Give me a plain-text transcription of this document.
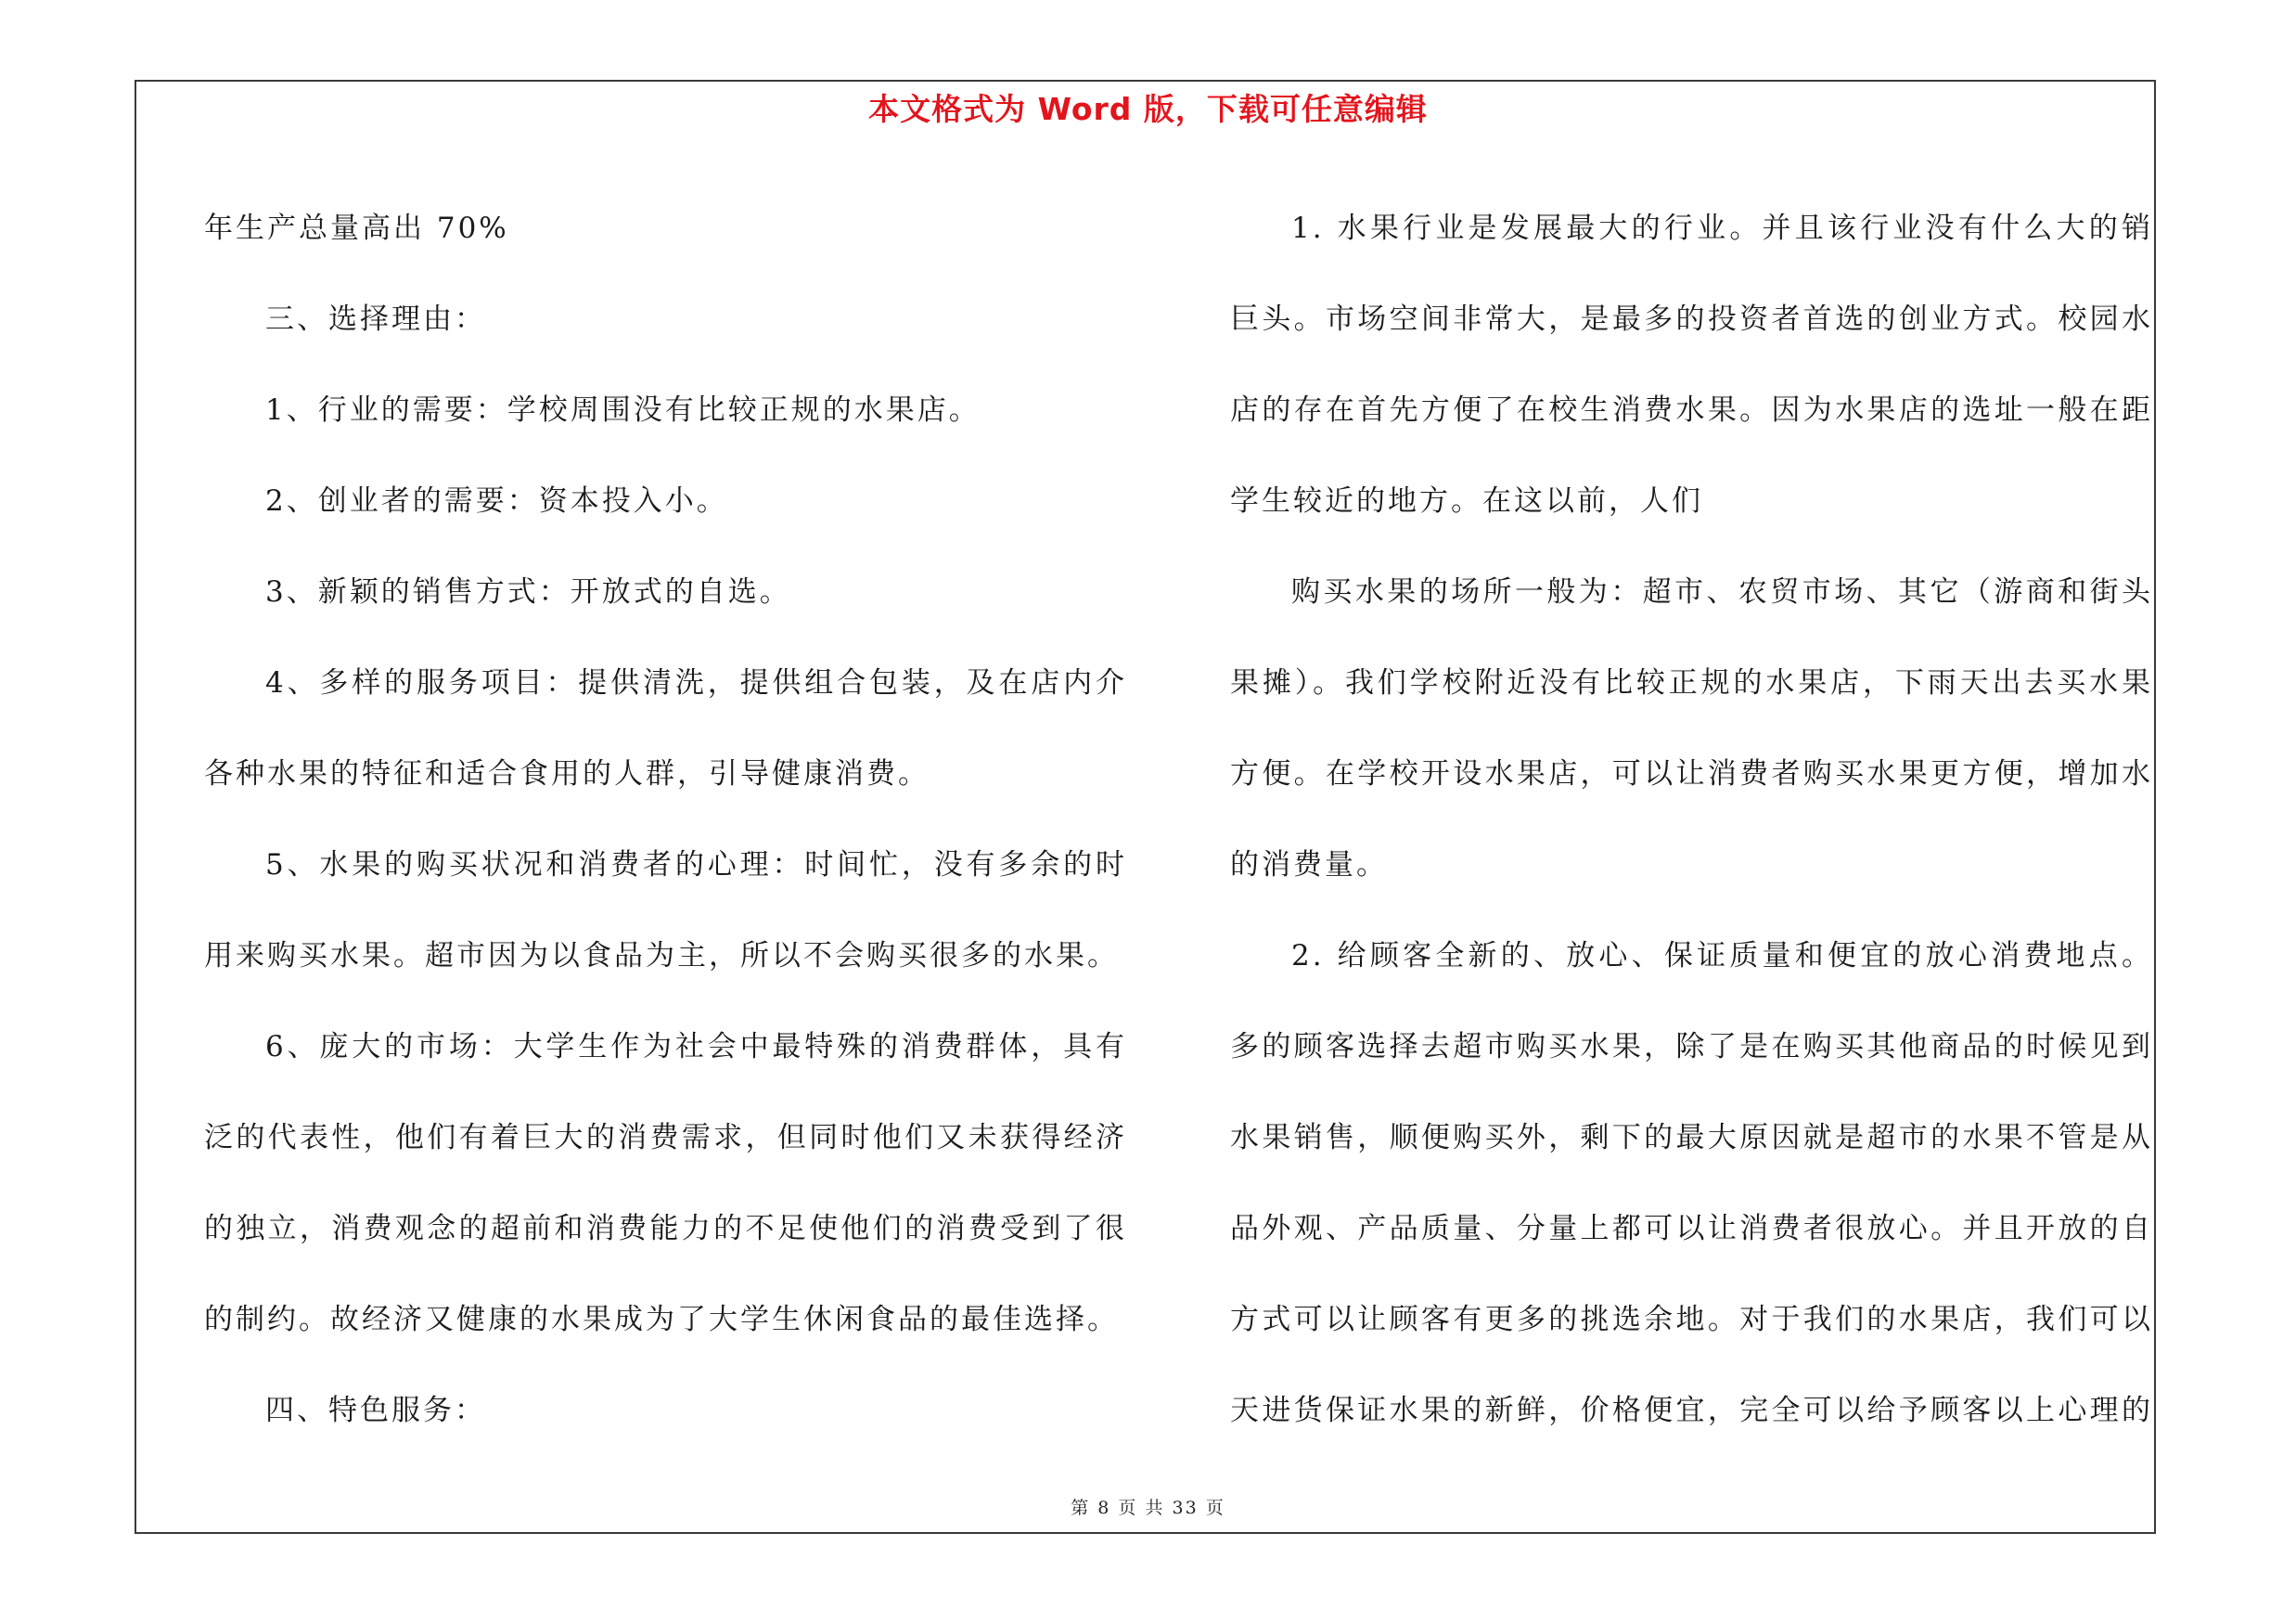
本文格式为 Word 版，下载可任意编辑
年生产总量高出 70%
三、选择理由：
1、行业的需要：学校周围没有比较正规的水果店。
2、创业者的需要：资本投入小。
3、新颖的销售方式：开放式的自选。
4、多样的服务项目：提供清洗，提供组合包装，及在店内介
各种水果的特征和适合食用的人群，引导健康消费。
5、水果的购买状况和消费者的心理：时间忙，没有多余的时
用来购买水果。超市因为以食品为主，所以不会购买很多的水果。
6、庞大的市场：大学生作为社会中最特殊的消费群体，具有
泛的代表性，他们有着巨大的消费需求，但同时他们又未获得经济
的独立，消费观念的超前和消费能力的不足使他们的消费受到了很
的制约。故经济又健康的水果成为了大学生休闲食品的最佳选择。
四、特色服务：
1. 水果行业是发展最大的行业。并且该行业没有什么大的销
巨头。市场空间非常大，是最多的投资者首选的创业方式。校园水
店的存在首先方便了在校生消费水果。因为水果店的选址一般在距
学生较近的地方。在这以前，人们
购买水果的场所一般为：超市、农贸市场、其它（游商和街头
果摊）。我们学校附近没有比较正规的水果店，下雨天出去买水果
方便。在学校开设水果店，可以让消费者购买水果更方便，增加水
的消费量。
2. 给顾客全新的、放心、保证质量和便宜的放心消费地点。
多的顾客选择去超市购买水果，除了是在购买其他商品的时候见到
水果销售，顺便购买外，剩下的最大原因就是超市的水果不管是从
品外观、产品质量、分量上都可以让消费者很放心。并且开放的自
方式可以让顾客有更多的挑选余地。对于我们的水果店，我们可以
天进货保证水果的新鲜，价格便宜，完全可以给予顾客以上心理的
第 8 页 共 33 页
